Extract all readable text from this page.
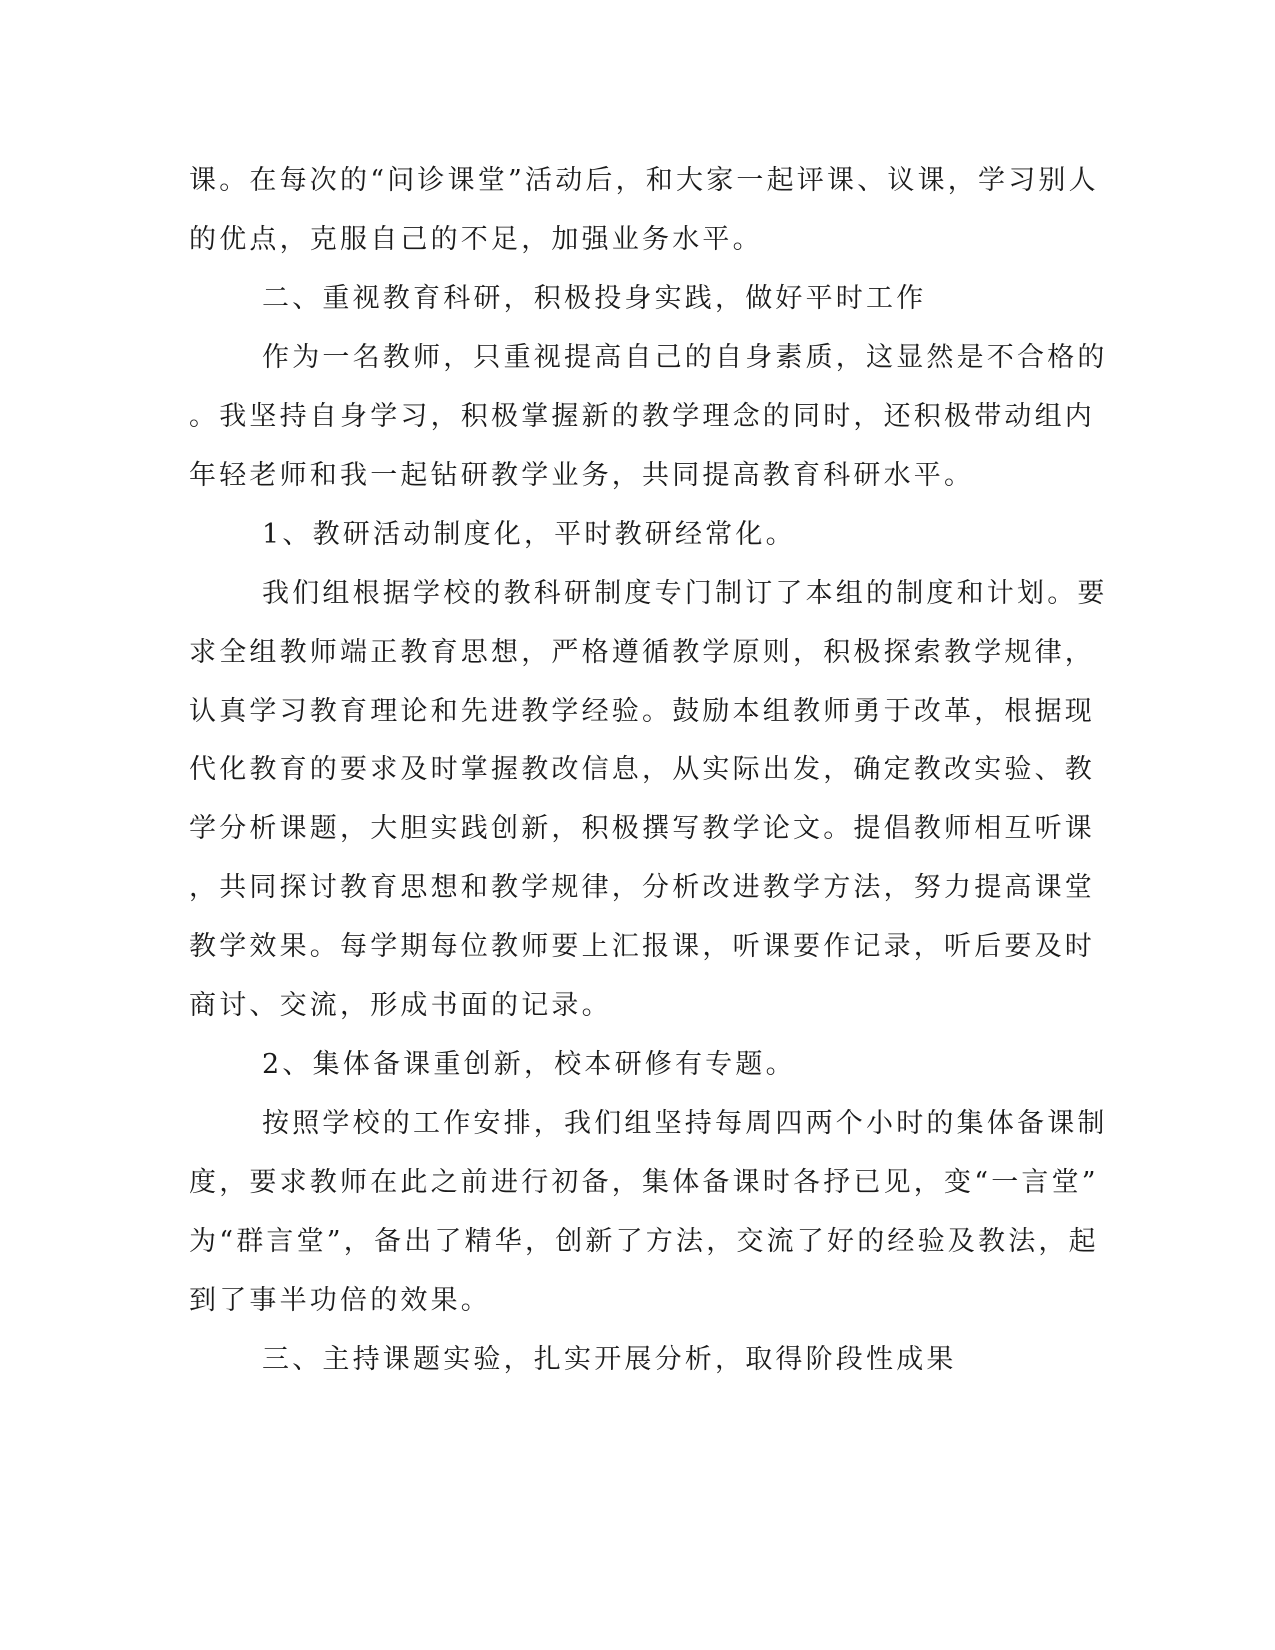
课。在每次的“问诊课堂”活动后，和大家一起评课、议课，学习别人
的优点，克服自己的不足，加强业务水平。
二、重视教育科研，积极投身实践，做好平时工作
作为一名教师，只重视提高自己的自身素质，这显然是不合格的
。我坚持自身学习，积极掌握新的教学理念的同时，还积极带动组内
年轻老师和我一起钻研教学业务，共同提高教育科研水平。
1、教研活动制度化，平时教研经常化。
我们组根据学校的教科研制度专门制订了本组的制度和计划。要
求全组教师端正教育思想，严格遵循教学原则，积极探索教学规律，
认真学习教育理论和先进教学经验。鼓励本组教师勇于改革，根据现
代化教育的要求及时掌握教改信息，从实际出发，确定教改实验、教
学分析课题，大胆实践创新，积极撰写教学论文。提倡教师相互听课
，共同探讨教育思想和教学规律，分析改进教学方法，努力提高课堂
教学效果。每学期每位教师要上汇报课，听课要作记录，听后要及时
商讨、交流，形成书面的记录。
2、集体备课重创新，校本研修有专题。
按照学校的工作安排，我们组坚持每周四两个小时的集体备课制
度，要求教师在此之前进行初备，集体备课时各抒已见，变“一言堂”
为“群言堂”，备出了精华，创新了方法，交流了好的经验及教法，起
到了事半功倍的效果。
三、主持课题实验，扎实开展分析，取得阶段性成果
